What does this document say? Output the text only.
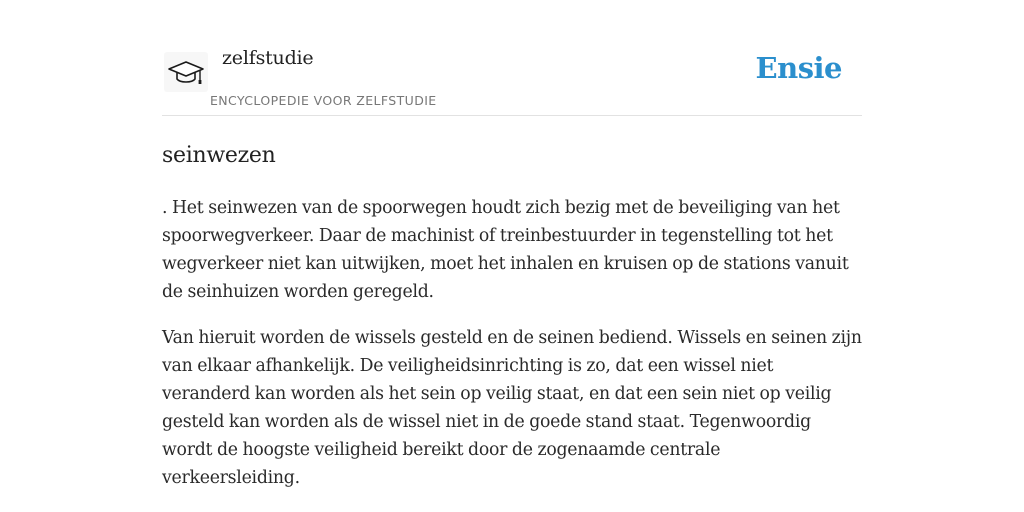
zelfstudie
ENCYCLOPEDIE VOOR ZELFSTUDIE
Ensie
seinwezen

. Het seinwezen van de spoorwegen houdt zich bezig met de beveiliging van het spoorwegverkeer. Daar de machinist of treinbestuurder in tegenstelling tot het wegverkeer niet kan uitwijken, moet het inhalen en kruisen op de stations vanuit de seinhuizen worden geregeld.

Van hieruit worden de wissels gesteld en de seinen bediend. Wissels en seinen zijn van elkaar afhankelijk. De veiligheidsinrichting is zo, dat een wissel niet veranderd kan worden als het sein op veilig staat, en dat een sein niet op veilig gesteld kan worden als de wissel niet in de goede stand staat. Tegenwoordig wordt de hoogste veiligheid bereikt door de zogenaamde centrale verkeersleiding.
